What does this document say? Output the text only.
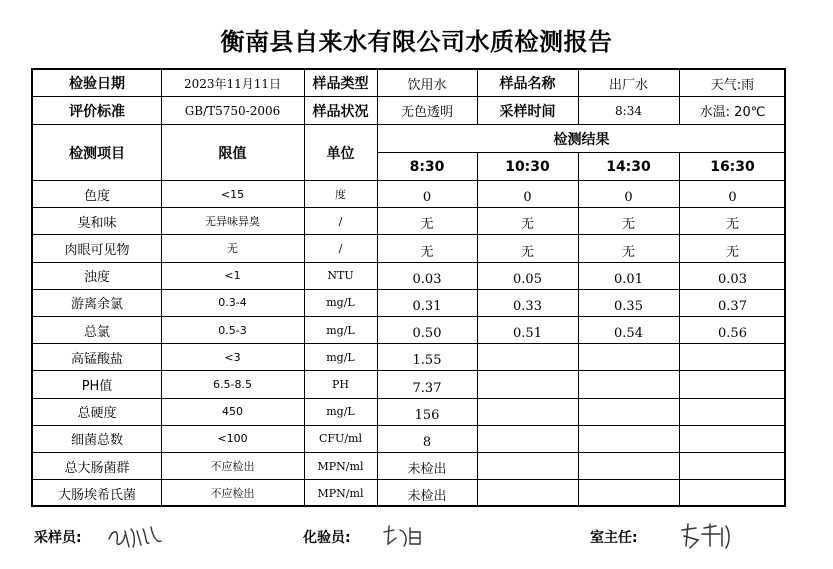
衡南县自来水有限公司水质检测报告
检验日期	2023年11月11日	样品类型	饮用水	样品名称	出厂水	天气:雨
评价标准	GB/T5750-2006	样品状况	无色透明	采样时间	8:34	水温: 20℃
检测项目	限值	单位
检测结果
8:30	10:30	14:30	16:30
色度	<15	度	0	0	0	0
臭和味	无异味异臭	/	无	无	无	无
肉眼可见物	无	/	无	无	无	无
浊度	<1	NTU	0.03	0.05	0.01	0.03
游离余氯	0.3-4	mg/L	0.31	0.33	0.35	0.37
总氯	0.5-3	mg/L	0.50	0.51	0.54	0.56
高锰酸盐	<3	mg/L	1.55
PH值	6.5-8.5	PH	7.37
总硬度	450	mg/L	156
细菌总数	<100	CFU/ml	8
总大肠菌群	不应检出	MPN/ml	未检出
大肠埃希氏菌	不应检出	MPN/ml	未检出
采样员:	化验员:	室主任:
